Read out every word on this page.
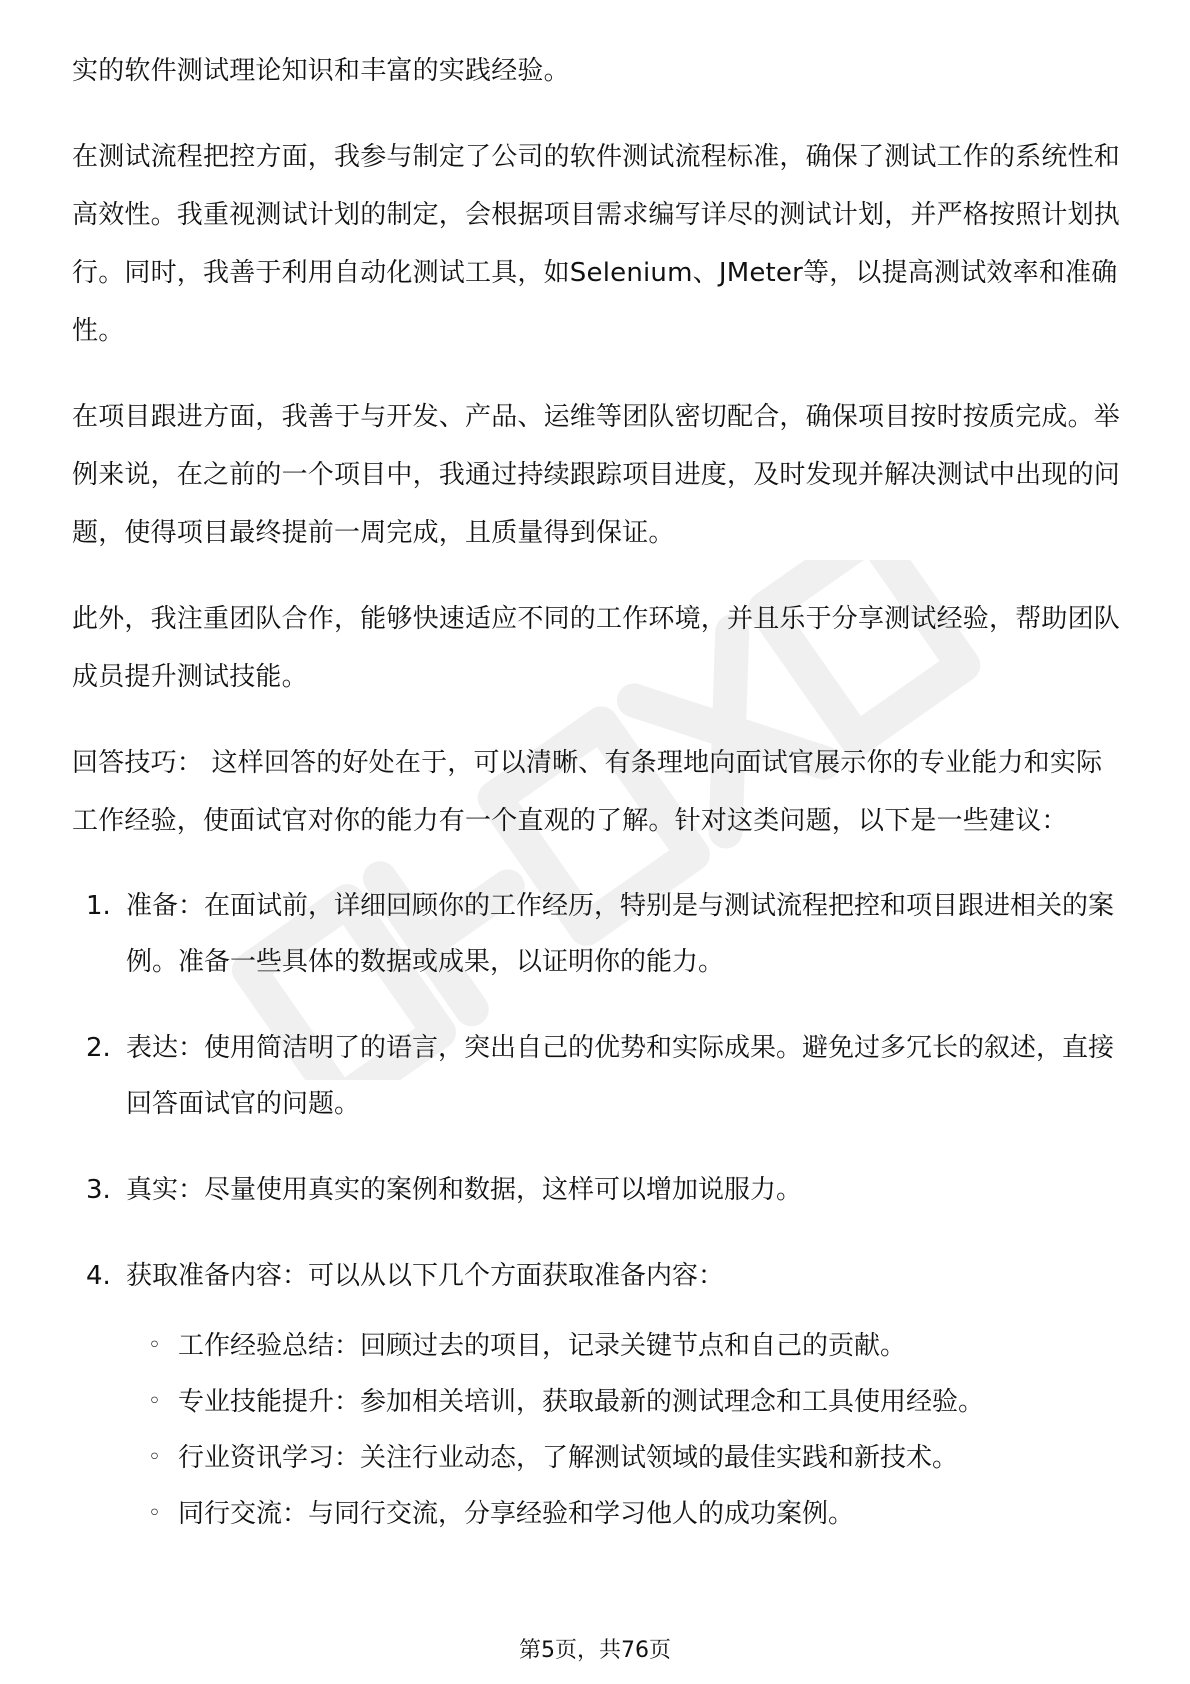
实的软件测试理论知识和丰富的实践经验。

在测试流程把控方面，我参与制定了公司的软件测试流程标准，确保了测试工作的系统性和高效性。我重视测试计划的制定，会根据项目需求编写详尽的测试计划，并严格按照计划执行。同时，我善于利用自动化测试工具，如Selenium、JMeter等，以提高测试效率和准确性。

在项目跟进方面，我善于与开发、产品、运维等团队密切配合，确保项目按时按质完成。举例来说，在之前的一个项目中，我通过持续跟踪项目进度，及时发现并解决测试中出现的问题，使得项目最终提前一周完成，且质量得到保证。

此外，我注重团队合作，能够快速适应不同的工作环境，并且乐于分享测试经验，帮助团队成员提升测试技能。

回答技巧： 这样回答的好处在于，可以清晰、有条理地向面试官展示你的专业能力和实际工作经验，使面试官对你的能力有一个直观的了解。针对这类问题，以下是一些建议：

1. 准备：在面试前，详细回顾你的工作经历，特别是与测试流程把控和项目跟进相关的案例。准备一些具体的数据或成果，以证明你的能力。
2. 表达：使用简洁明了的语言，突出自己的优势和实际成果。避免过多冗长的叙述，直接回答面试官的问题。
3. 真实：尽量使用真实的案例和数据，这样可以增加说服力。
4. 获取准备内容：可以从以下几个方面获取准备内容：
◦ 工作经验总结：回顾过去的项目，记录关键节点和自己的贡献。
◦ 专业技能提升：参加相关培训，获取最新的测试理念和工具使用经验。
◦ 行业资讯学习：关注行业动态，了解测试领域的最佳实践和新技术。
◦ 同行交流：与同行交流，分享经验和学习他人的成功案例。
第5页，共76页
